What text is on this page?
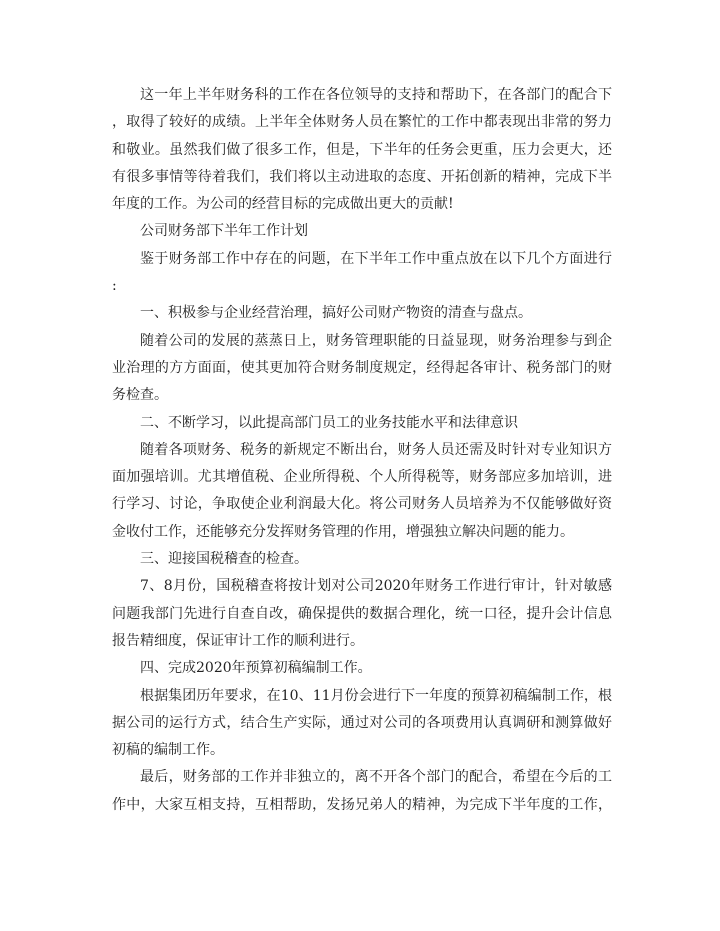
这一年上半年财务科的工作在各位领导的支持和帮助下，在各部门的配合下
，取得了较好的成绩。上半年全体财务人员在繁忙的工作中都表现出非常的努力
和敬业。虽然我们做了很多工作，但是，下半年的任务会更重，压力会更大，还
有很多事情等待着我们，我们将以主动进取的态度、开拓创新的精神，完成下半
年度的工作。为公司的经营目标的完成做出更大的贡献!
公司财务部下半年工作计划
鉴于财务部工作中存在的问题，在下半年工作中重点放在以下几个方面进行
:
一、积极参与企业经营治理，搞好公司财产物资的清查与盘点。
随着公司的发展的蒸蒸日上，财务管理职能的日益显现，财务治理参与到企
业治理的方方面面，使其更加符合财务制度规定，经得起各审计、税务部门的财
务检查。
二、不断学习，以此提高部门员工的业务技能水平和法律意识
随着各项财务、税务的新规定不断出台，财务人员还需及时针对专业知识方
面加强培训。尤其增值税、企业所得税、个人所得税等，财务部应多加培训，进
行学习、讨论，争取使企业利润最大化。将公司财务人员培养为不仅能够做好资
金收付工作，还能够充分发挥财务管理的作用，增强独立解决问题的能力。
三、迎接国税稽查的检查。
7、8月份，国税稽查将按计划对公司2020年财务工作进行审计，针对敏感
问题我部门先进行自查自改，确保提供的数据合理化，统一口径，提升会计信息
报告精细度，保证审计工作的顺利进行。
四、完成2020年预算初稿编制工作。
根据集团历年要求，在10、11月份会进行下一年度的预算初稿编制工作，根
据公司的运行方式，结合生产实际，通过对公司的各项费用认真调研和测算做好
初稿的编制工作。
最后，财务部的工作并非独立的，离不开各个部门的配合，希望在今后的工
作中，大家互相支持，互相帮助，发扬兄弟人的精神，为完成下半年度的工作，
